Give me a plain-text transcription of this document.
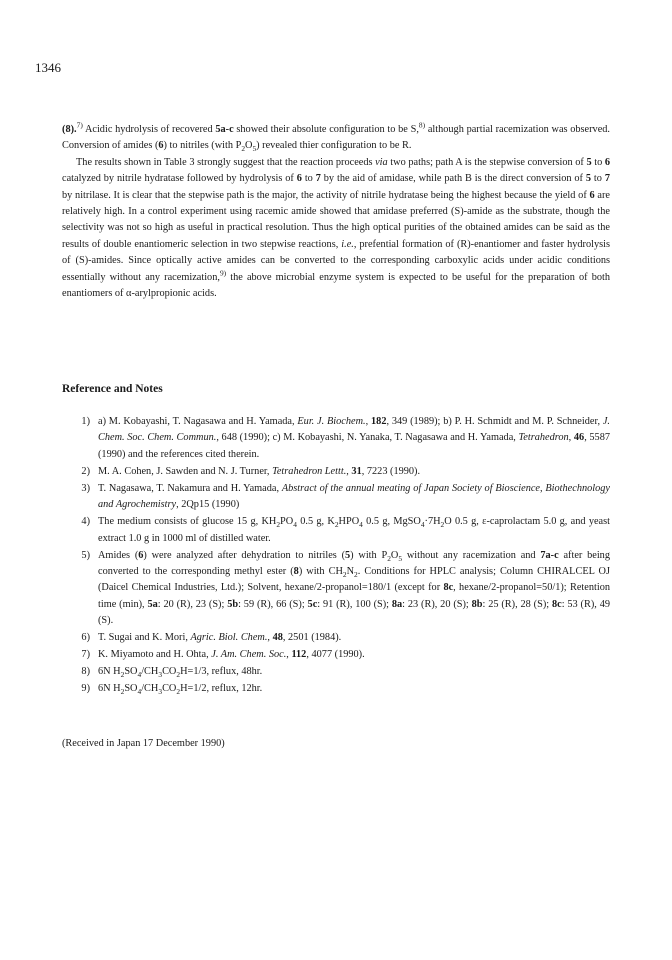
1346

(8).$^{7)}$ Acidic hydrolysis of recovered 5a-c showed their absolute configuration to be S,$^{8)}$ although partial racemization was observed. Conversion of amides (6) to nitriles (with $P_2O_5$) revealed thier configuration to be R.

The results shown in Table 3 strongly suggest that the reaction proceeds via two paths; path A is the stepwise conversion of 5 to 6 catalyzed by nitrile hydratase followed by hydrolysis of 6 to 7 by the aid of amidase, while path B is the direct conversion of 5 to 7 by nitrilase. It is clear that the stepwise path is the major, the activity of nitrile hydratase being the highest because the yield of 6 are relatively high. In a control experiment using racemic amide showed that amidase preferred (S)-amide as the substrate, though the selectivity was not so high as useful in practical resolution. Thus the high optical purities of the obtained amides can be said as the results of double enantiomeric selection in two stepwise reactions, i.e., prefential formation of (R)-enantiomer and faster hydrolysis of (S)-amides. Since optically active amides can be converted to the corresponding carboxylic acids under acidic conditions essentially without any racemization,$^{9)}$ the above microbial enzyme system is expected to be useful for the preparation of both enantiomers of α-arylpropionic acids.

Reference and Notes
1) a) M. Kobayashi, T. Nagasawa and H. Yamada, Eur. J. Biochem., 182, 349 (1989); b) P. H. Schmidt and M. P. Schneider, J. Chem. Soc. Chem. Commun., 648 (1990); c) M. Kobayashi, N. Yanaka, T. Nagasawa and H. Yamada, Tetrahedron, 46, 5587 (1990) and the references cited therein.
2) M. A. Cohen, J. Sawden and N. J. Turner, Tetrahedron Lettt., 31, 7223 (1990).
3) T. Nagasawa, T. Nakamura and H. Yamada, Abstract of the annual meating of Japan Society of Bioscience, Biothechnology and Agrochemistry, 2Qp15 (1990)
4) The medium consists of glucose 15 g, $KH_2PO_4$ 0.5 g, $K_2HPO_4$ 0.5 g, $MgSO_4\cdot 7H_2O$ 0.5 g, ε-caprolactam 5.0 g, and yeast extract 1.0 g in 1000 ml of distilled water.
5) Amides (6) were analyzed after dehydration to nitriles (5) with $P_2O_5$ without any racemization and 7a-c after being converted to the corresponding methyl ester (8) with $CH_2N_2$. Conditions for HPLC analysis; Column CHIRALCEL OJ (Daicel Chemical Industries, Ltd.); Solvent, hexane/2-propanol=180/1 (except for 8c, hexane/2-propanol=50/1); Retention time (min), 5a: 20 (R), 23 (S); 5b: 59 (R), 66 (S); 5c: 91 (R), 100 (S); 8a: 23 (R), 20 (S); 8b: 25 (R), 28 (S); 8c: 53 (R), 49 (S).
6) T. Sugai and K. Mori, Agric. Biol. Chem., 48, 2501 (1984).
7) K. Miyamoto and H. Ohta, J. Am. Chem. Soc., 112, 4077 (1990).
8) 6N $H_2SO_4/CH_3CO_2H=1/3$, reflux, 48hr.
9) 6N $H_2SO_4/CH_3CO_2H=1/2$, reflux, 12hr.
(Received in Japan 17 December 1990)
